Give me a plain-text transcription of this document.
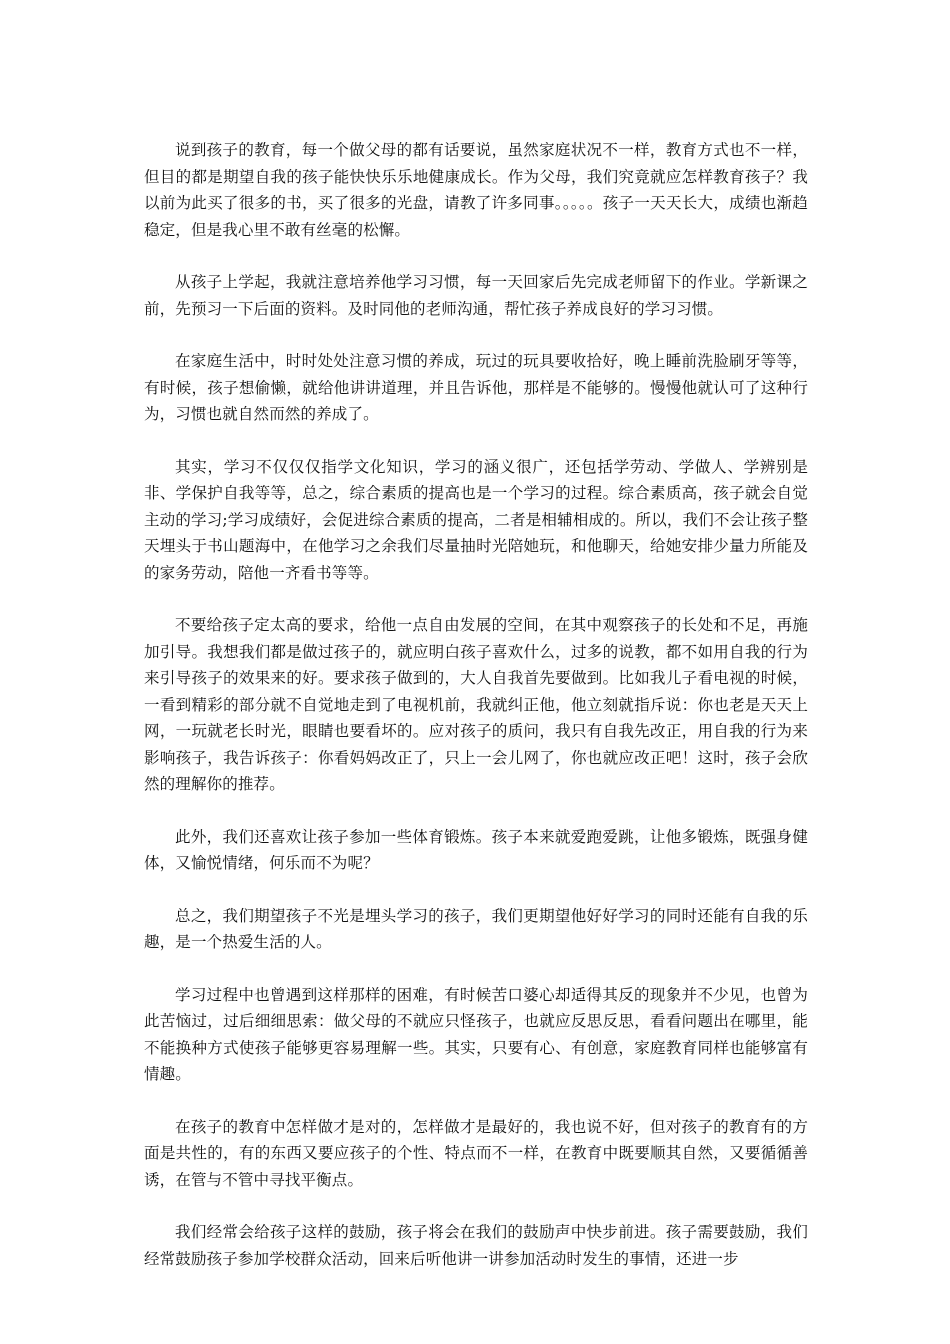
说到孩子的教育，每一个做父母的都有话要说，虽然家庭状况不一样，教育方式也不一样，但目的都是期望自我的孩子能快快乐乐地健康成长。作为父母，我们究竟就应怎样教育孩子？我以前为此买了很多的书，买了很多的光盘，请教了许多同事。。。。。孩子一天天长大，成绩也渐趋稳定，但是我心里不敢有丝毫的松懈。

从孩子上学起，我就注意培养他学习习惯，每一天回家后先完成老师留下的作业。学新课之前，先预习一下后面的资料。及时同他的老师沟通，帮忙孩子养成良好的学习习惯。

在家庭生活中，时时处处注意习惯的养成，玩过的玩具要收拾好，晚上睡前洗脸刷牙等等，有时候，孩子想偷懒，就给他讲讲道理，并且告诉他，那样是不能够的。慢慢他就认可了这种行为，习惯也就自然而然的养成了。

其实，学习不仅仅仅指学文化知识，学习的涵义很广，还包括学劳动、学做人、学辨别是非、学保护自我等等，总之，综合素质的提高也是一个学习的过程。综合素质高，孩子就会自觉主动的学习;学习成绩好，会促进综合素质的提高，二者是相辅相成的。所以，我们不会让孩子整天埋头于书山题海中，在他学习之余我们尽量抽时光陪她玩，和他聊天，给她安排少量力所能及的家务劳动，陪他一齐看书等等。

不要给孩子定太高的要求，给他一点自由发展的空间，在其中观察孩子的长处和不足，再施加引导。我想我们都是做过孩子的，就应明白孩子喜欢什么，过多的说教，都不如用自我的行为来引导孩子的效果来的好。要求孩子做到的，大人自我首先要做到。比如我儿子看电视的时候，一看到精彩的部分就不自觉地走到了电视机前，我就纠正他，他立刻就指斥说：你也老是天天上网，一玩就老长时光，眼睛也要看坏的。应对孩子的质问，我只有自我先改正，用自我的行为来影响孩子，我告诉孩子：你看妈妈改正了，只上一会儿网了，你也就应改正吧！这时，孩子会欣然的理解你的推荐。

此外，我们还喜欢让孩子参加一些体育锻炼。孩子本来就爱跑爱跳，让他多锻炼，既强身健体，又愉悦情绪，何乐而不为呢？

总之，我们期望孩子不光是埋头学习的孩子，我们更期望他好好学习的同时还能有自我的乐趣，是一个热爱生活的人。

学习过程中也曾遇到这样那样的困难，有时候苦口婆心却适得其反的现象并不少见，也曾为此苦恼过，过后细细思索：做父母的不就应只怪孩子，也就应反思反思，看看问题出在哪里，能不能换种方式使孩子能够更容易理解一些。其实，只要有心、有创意，家庭教育同样也能够富有情趣。

在孩子的教育中怎样做才是对的，怎样做才是最好的，我也说不好，但对孩子的教育有的方面是共性的，有的东西又要应孩子的个性、特点而不一样，在教育中既要顺其自然，又要循循善诱，在管与不管中寻找平衡点。

我们经常会给孩子这样的鼓励，孩子将会在我们的鼓励声中快步前进。孩子需要鼓励，我们经常鼓励孩子参加学校群众活动，回来后听他讲一讲参加活动时发生的事情，还进一步
